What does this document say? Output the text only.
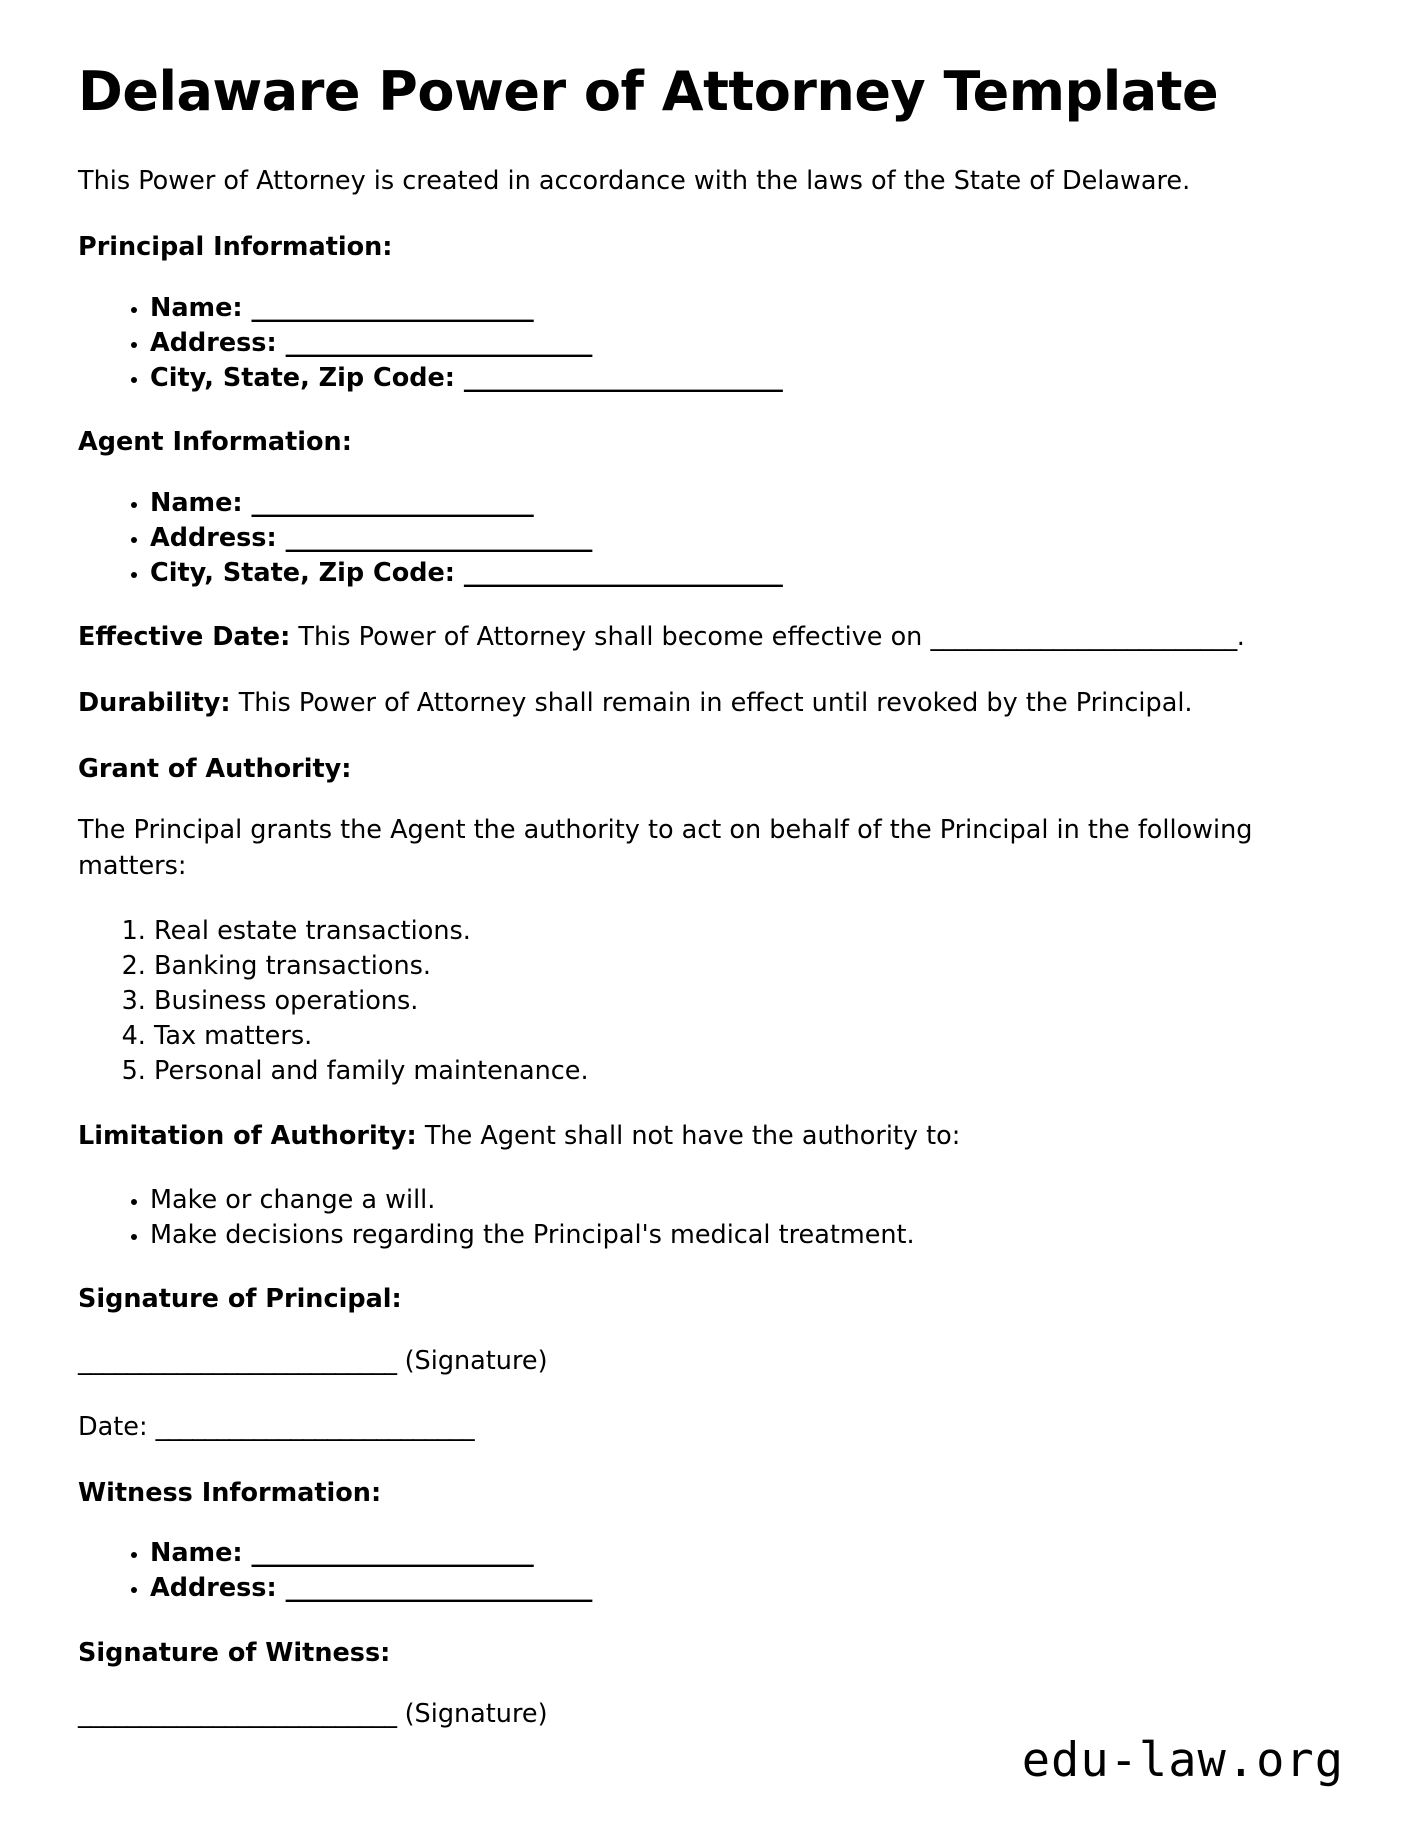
Delaware Power of Attorney Template

This Power of Attorney is created in accordance with the laws of the State of Delaware.

Principal Information:

• Name: _______________________
• Address: _________________________
• City, State, Zip Code: __________________________

Agent Information:

• Name: _______________________
• Address: _________________________
• City, State, Zip Code: __________________________

Effective Date: This Power of Attorney shall become effective on _________________________.

Durability: This Power of Attorney shall remain in effect until revoked by the Principal.

Grant of Authority:

The Principal grants the Agent the authority to act on behalf of the Principal in the following matters:

1. Real estate transactions.
2. Banking transactions.
3. Business operations.
4. Tax matters.
5. Personal and family maintenance.

Limitation of Authority: The Agent shall not have the authority to:

• Make or change a will.
• Make decisions regarding the Principal's medical treatment.

Signature of Principal:

__________________________ (Signature)

Date: __________________________

Witness Information:

• Name: _______________________
• Address: _________________________

Signature of Witness:

__________________________ (Signature)

edu-law.org
